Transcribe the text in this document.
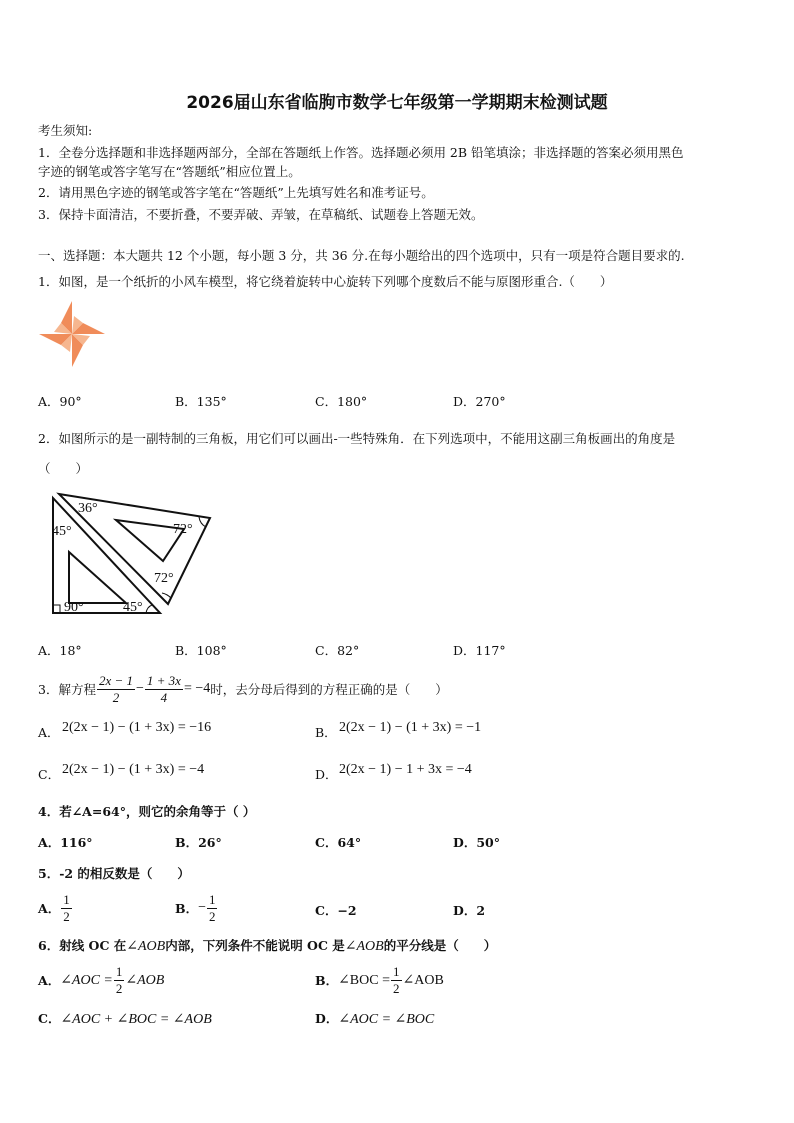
2026届山东省临朐市数学七年级第一学期期末检测试题
考生须知:
1．全卷分选择题和非选择题两部分，全部在答题纸上作答。选择题必须用 2B 铅笔填涂；非选择题的答案必须用黑色
字迹的钢笔或答字笔写在“答题纸”相应位置上。
2．请用黑色字迹的钢笔或答字笔在“答题纸”上先填写姓名和准考证号。
3．保持卡面清洁，不要折叠，不要弄破、弄皱，在草稿纸、试题卷上答题无效。
一、选择题：本大题共 12 个小题，每小题 3 分，共 36 分.在每小题给出的四个选项中，只有一项是符合题目要求的.
1．如图，是一个纸折的小风车模型，将它绕着旋转中心旋转下列哪个度数后不能与原图形重合.（　　）
A．90°	B．135°	C．180°	D．270°
2．如图所示的是一副特制的三角板，用它们可以画出-一些特殊角．在下列选项中，不能用这副三角板画出的角度是
（　　）
36°
45°	72°
72°
90°	45°
A．18°	B．108°	C．82°	D．117°
3．解方程 $\frac{2x - 1}{2} - \frac{1 + 3x}{4} = -4$ 时，去分母后得到的方程正确的是（　　）
A． 2(2x − 1) − (1 + 3x) = −16	B． 2(2x − 1) − (1 + 3x) = −1
C． 2(2x − 1) − (1 + 3x) = −4	D． 2(2x − 1) − 1 + 3x = −4
4．若∠A=64°，则它的余角等于（ ）
A．116°	B．26°	C．64°	D．50°
5．-2 的相反数是（　　）
A． $\frac{1}{2}$	B． − $\frac{1}{2}$	C．−2	D．2
6．射线 OC 在∠AOB内部，下列条件不能说明 OC 是∠AOB的平分线是（　　）
A． ∠AOC = $\frac{1}{2}$ ∠AOB	B． ∠BOC = $\frac{1}{2}$ ∠AOB
C．∠AOC + ∠BOC = ∠AOB	D．∠AOC = ∠BOC
